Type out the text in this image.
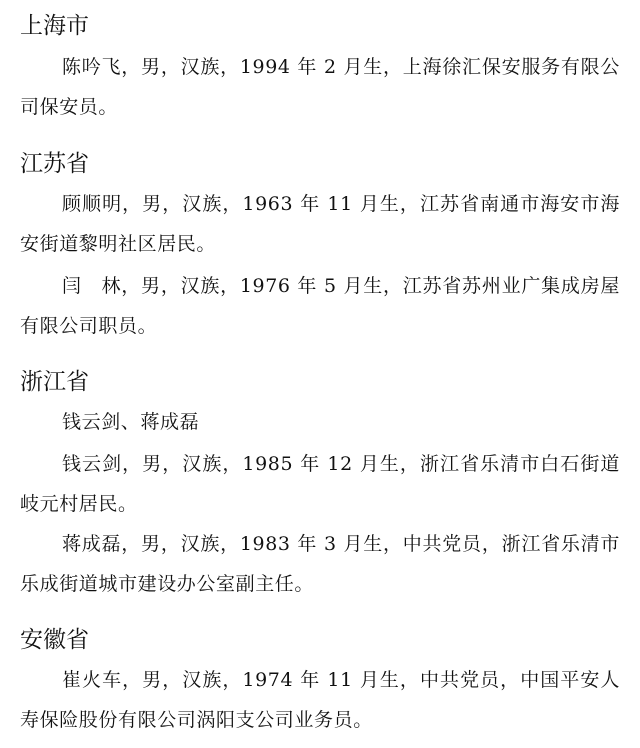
上海市

陈吟飞，男，汉族，1994 年 2 月生，上海徐汇保安服务有限公司保安员。

江苏省

顾顺明，男，汉族，1963 年 11 月生，江苏省南通市海安市海安街道黎明社区居民。

闫　林，男，汉族，1976 年 5 月生，江苏省苏州业广集成房屋有限公司职员。

浙江省

钱云剑、蒋成磊

钱云剑，男，汉族，1985 年 12 月生，浙江省乐清市白石街道岐元村居民。

蒋成磊，男，汉族，1983 年 3 月生，中共党员，浙江省乐清市乐成街道城市建设办公室副主任。

安徽省

崔火车，男，汉族，1974 年 11 月生，中共党员，中国平安人寿保险股份有限公司涡阳支公司业务员。
